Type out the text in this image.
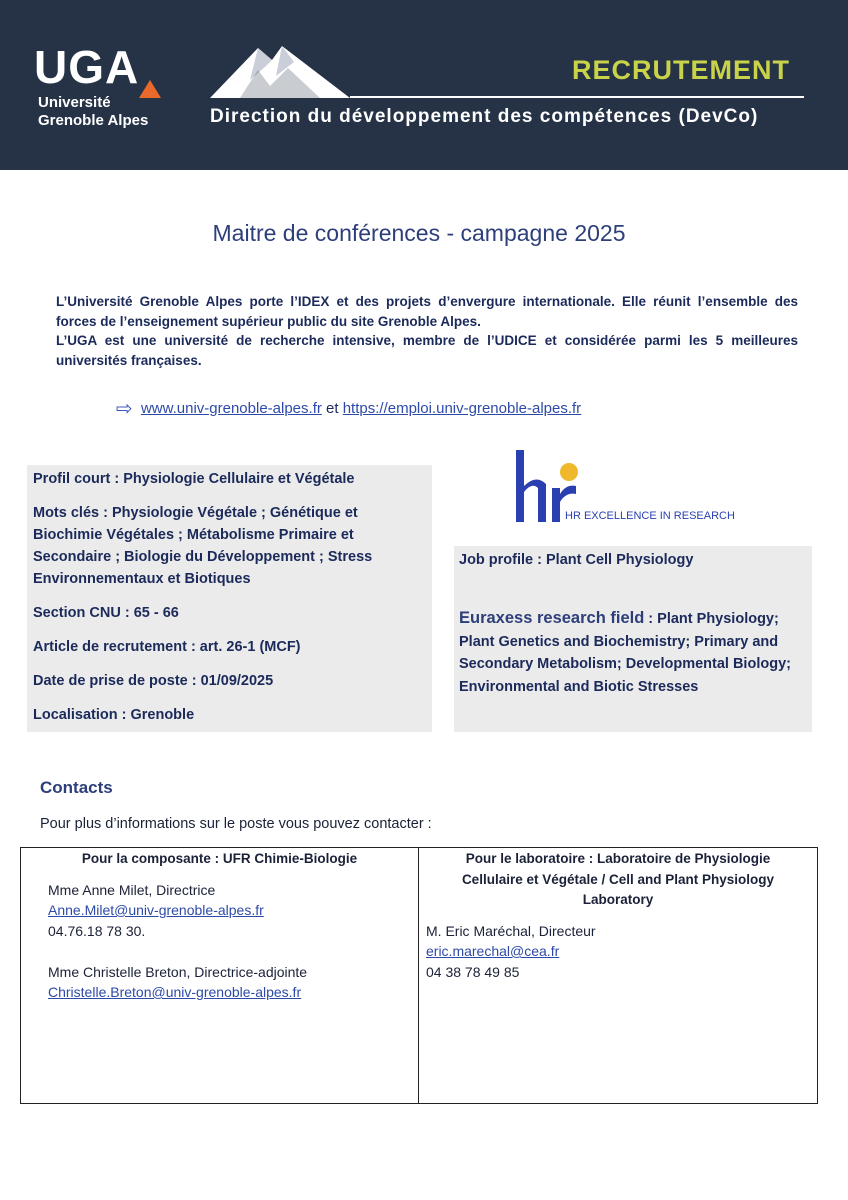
UGA
Université
Grenoble Alpes
RECRUTEMENT
Direction du développement des compétences (DevCo)
Maitre de conférences - campagne 2025

L’Université Grenoble Alpes porte l’IDEX et des projets d’envergure internationale. Elle réunit l’ensemble des forces de l’enseignement supérieur public du site Grenoble Alpes.

L’UGA est une université de recherche intensive, membre de l’UDICE et considérée parmi les 5 meilleures universités françaises.

⇨ www.univ-grenoble-alpes.fr et https://emploi.univ-grenoble-alpes.fr
Profil court : Physiologie Cellulaire et Végétale
Mots clés : Physiologie Végétale ; Génétique et Biochimie Végétales ; Métabolisme Primaire et Secondaire ; Biologie du Développement ; Stress Environnementaux et Biotiques
Section CNU : 65 - 66
Article de recrutement : art. 26-1 (MCF)
Date de prise de poste : 01/09/2025
Localisation : Grenoble
HR EXCELLENCE IN RESEARCH
Job profile : Plant Cell Physiology
Euraxess research field : Plant Physiology; Plant Genetics and Biochemistry; Primary and Secondary Metabolism; Developmental Biology; Environmental and Biotic Stresses
Contacts
Pour plus d’informations sur le poste vous pouvez contacter :
Pour la composante : UFR Chimie-Biologie
Mme Anne Milet, Directrice
Anne.Milet@univ-grenoble-alpes.fr
04.76.18 78 30.
Mme Christelle Breton, Directrice-adjointe
Christelle.Breton@univ-grenoble-alpes.fr
Pour le laboratoire : Laboratoire de Physiologie Cellulaire et Végétale / Cell and Plant Physiology Laboratory
M. Eric Maréchal, Directeur
eric.marechal@cea.fr
04 38 78 49 85
